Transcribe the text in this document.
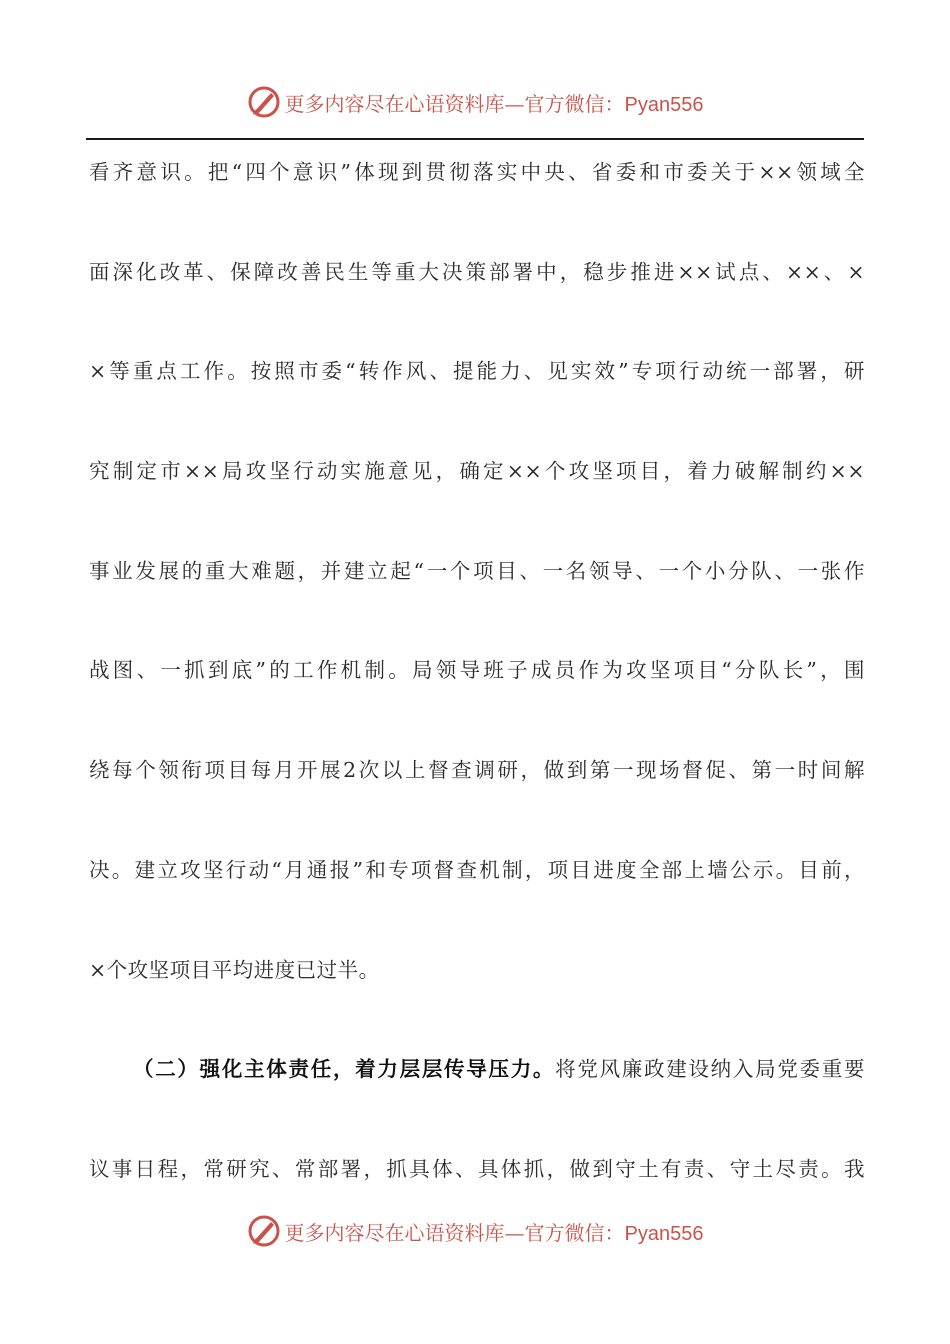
更多内容尽在心语资料库—官方微信：Pyan556
看齐意识。把“四个意识”体现到贯彻落实中央、省委和市委关于××领域全
面深化改革、保障改善民生等重大决策部署中，稳步推进××试点、××、×
×等重点工作。按照市委“转作风、提能力、见实效”专项行动统一部署，研
究制定市××局攻坚行动实施意见，确定××个攻坚项目，着力破解制约××
事业发展的重大难题，并建立起“一个项目、一名领导、一个小分队、一张作
战图、一抓到底”的工作机制。局领导班子成员作为攻坚项目“分队长”，围
绕每个领衔项目每月开展2次以上督查调研，做到第一现场督促、第一时间解
决。建立攻坚行动“月通报”和专项督查机制，项目进度全部上墙公示。目前，
×个攻坚项目平均进度已过半。
（二）强化主体责任，着力层层传导压力。将党风廉政建设纳入局党委重要
议事日程，常研究、常部署，抓具体、具体抓，做到守土有责、守土尽责。我
更多内容尽在心语资料库—官方微信：Pyan556
